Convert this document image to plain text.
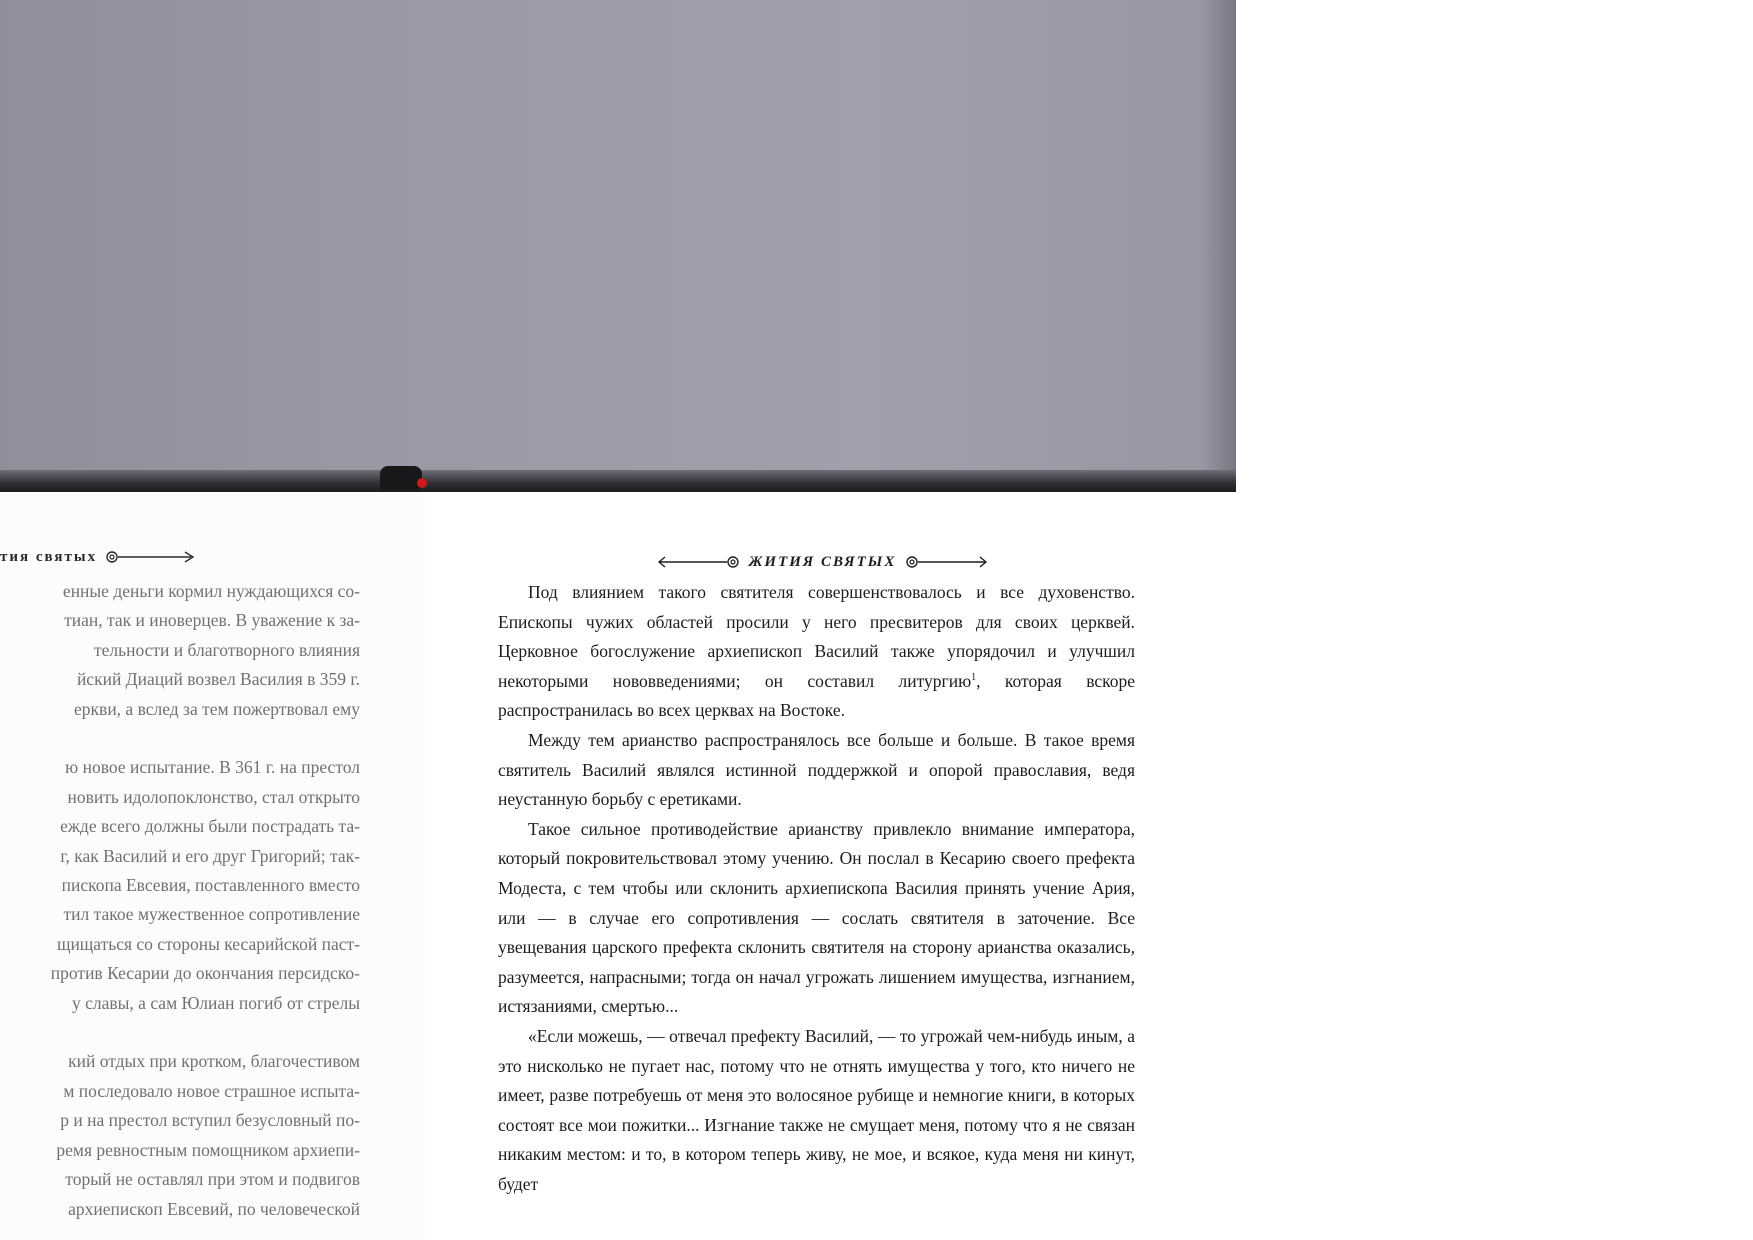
тия святых
енные деньги кормил нуждающихся со-
тиан, так и иноверцев. В уважение к за-
тельности и благотворного влияния
йский Диаций возвел Василия в 359 г.
еркви, а вслед за тем пожертвовал ему
ю новое испытание. В 361 г. на престол
новить идолопоклонство, стал открыто
ежде всего должны были пострадать та-
г, как Василий и его друг Григорий; так-
пископа Евсевия, поставленного вместо
тил такое мужественное сопротивление
щищаться со стороны кесарийской паст-
против Кесарии до окончания персидско-
у славы, а сам Юлиан погиб от стрелы
кий отдых при кротком, благочестивом
м последовало новое страшное испыта-
р и на престол вступил безусловный по-
ремя ревностным помощником архиепи-
торый не оставлял при этом и подвигов
архиепископ Евсевий, по человеческой
ЖИТИЯ СВЯТЫХ

Под влиянием такого святителя совершенствовалось и все духовенство. Епископы чужих областей просили у него пресвитеров для своих церквей. Церковное богослужение архиепископ Василий также упорядочил и улучшил некоторыми нововведениями; он составил литургию$^1$, которая вскоре распространилась во всех церквах на Востоке.

Между тем арианство распространялось все больше и больше. В такое время святитель Василий являлся истинной поддержкой и опорой православия, ведя неустанную борьбу с еретиками.

Такое сильное противодействие арианству привлекло внимание императора, который покровительствовал этому учению. Он послал в Кесарию своего префекта Модеста, с тем чтобы или склонить архиепископа Василия принять учение Ария, или — в случае его сопротивления — сослать святителя в заточение. Все увещевания царского префекта склонить святителя на сторону арианства оказались, разумеется, напрасными; тогда он начал угрожать лишением имущества, изгнанием, истязаниями, смертью...

«Если можешь, — отвечал префекту Василий, — то угрожай чем-нибудь иным, а это нисколько не пугает нас, потому что не отнять имущества у того, кто ничего не имеет, разве потребуешь от меня это волосяное рубище и немногие книги, в которых состоят все мои пожитки... Изгнание также не смущает меня, потому что я не связан никаким местом: и то, в котором теперь живу, не мое, и всякое, куда меня ни кинут, будет
